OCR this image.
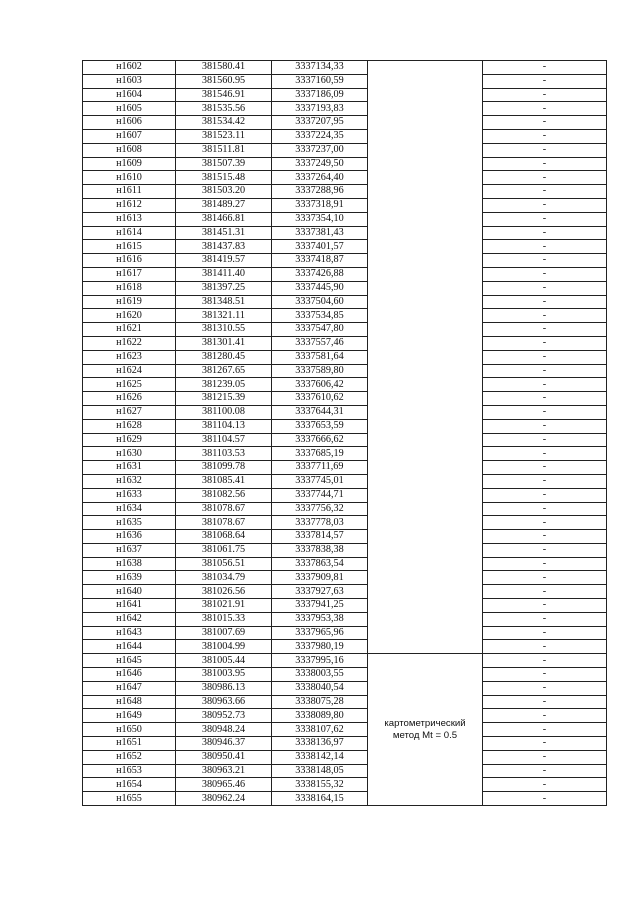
н1602	381580.41	3337134,33		-
н1603	381560.95	3337160,59		-
н1604	381546.91	3337186,09		-
н1605	381535.56	3337193,83		-
н1606	381534.42	3337207,95		-
н1607	381523.11	3337224,35		-
н1608	381511.81	3337237,00		-
н1609	381507.39	3337249,50		-
н1610	381515.48	3337264,40		-
н1611	381503.20	3337288,96		-
н1612	381489.27	3337318,91		-
н1613	381466.81	3337354,10		-
н1614	381451.31	3337381,43		-
н1615	381437.83	3337401,57		-
н1616	381419.57	3337418,87		-
н1617	381411.40	3337426,88		-
н1618	381397.25	3337445,90		-
н1619	381348.51	3337504,60		-
н1620	381321.11	3337534,85		-
н1621	381310.55	3337547,80		-
н1622	381301.41	3337557,46		-
н1623	381280.45	3337581,64		-
н1624	381267.65	3337589,80		-
н1625	381239.05	3337606,42		-
н1626	381215.39	3337610,62		-
н1627	381100.08	3337644,31		-
н1628	381104.13	3337653,59		-
н1629	381104.57	3337666,62		-
н1630	381103.53	3337685,19		-
н1631	381099.78	3337711,69		-
н1632	381085.41	3337745,01		-
н1633	381082.56	3337744,71		-
н1634	381078.67	3337756,32		-
н1635	381078.67	3337778,03		-
н1636	381068.64	3337814,57		-
н1637	381061.75	3337838,38		-
н1638	381056.51	3337863,54		-
н1639	381034.79	3337909,81		-
н1640	381026.56	3337927,63		-
н1641	381021.91	3337941,25		-
н1642	381015.33	3337953,38		-
н1643	381007.69	3337965,96		-
н1644	381004.99	3337980,19		-
н1645	381005.44	3337995,16	картометрический
метод Mt = 0.5	-
н1646	381003.95	3338003,55		-
н1647	380986.13	3338040,54		-
н1648	380963.66	3338075,28		-
н1649	380952.73	3338089,80		-
н1650	380948.24	3338107,62		-
н1651	380946.37	3338136,97		-
н1652	380950.41	3338142,14		-
н1653	380963.21	3338148,05		-
н1654	380965.46	3338155,32		-
н1655	380962.24	3338164,15		-
